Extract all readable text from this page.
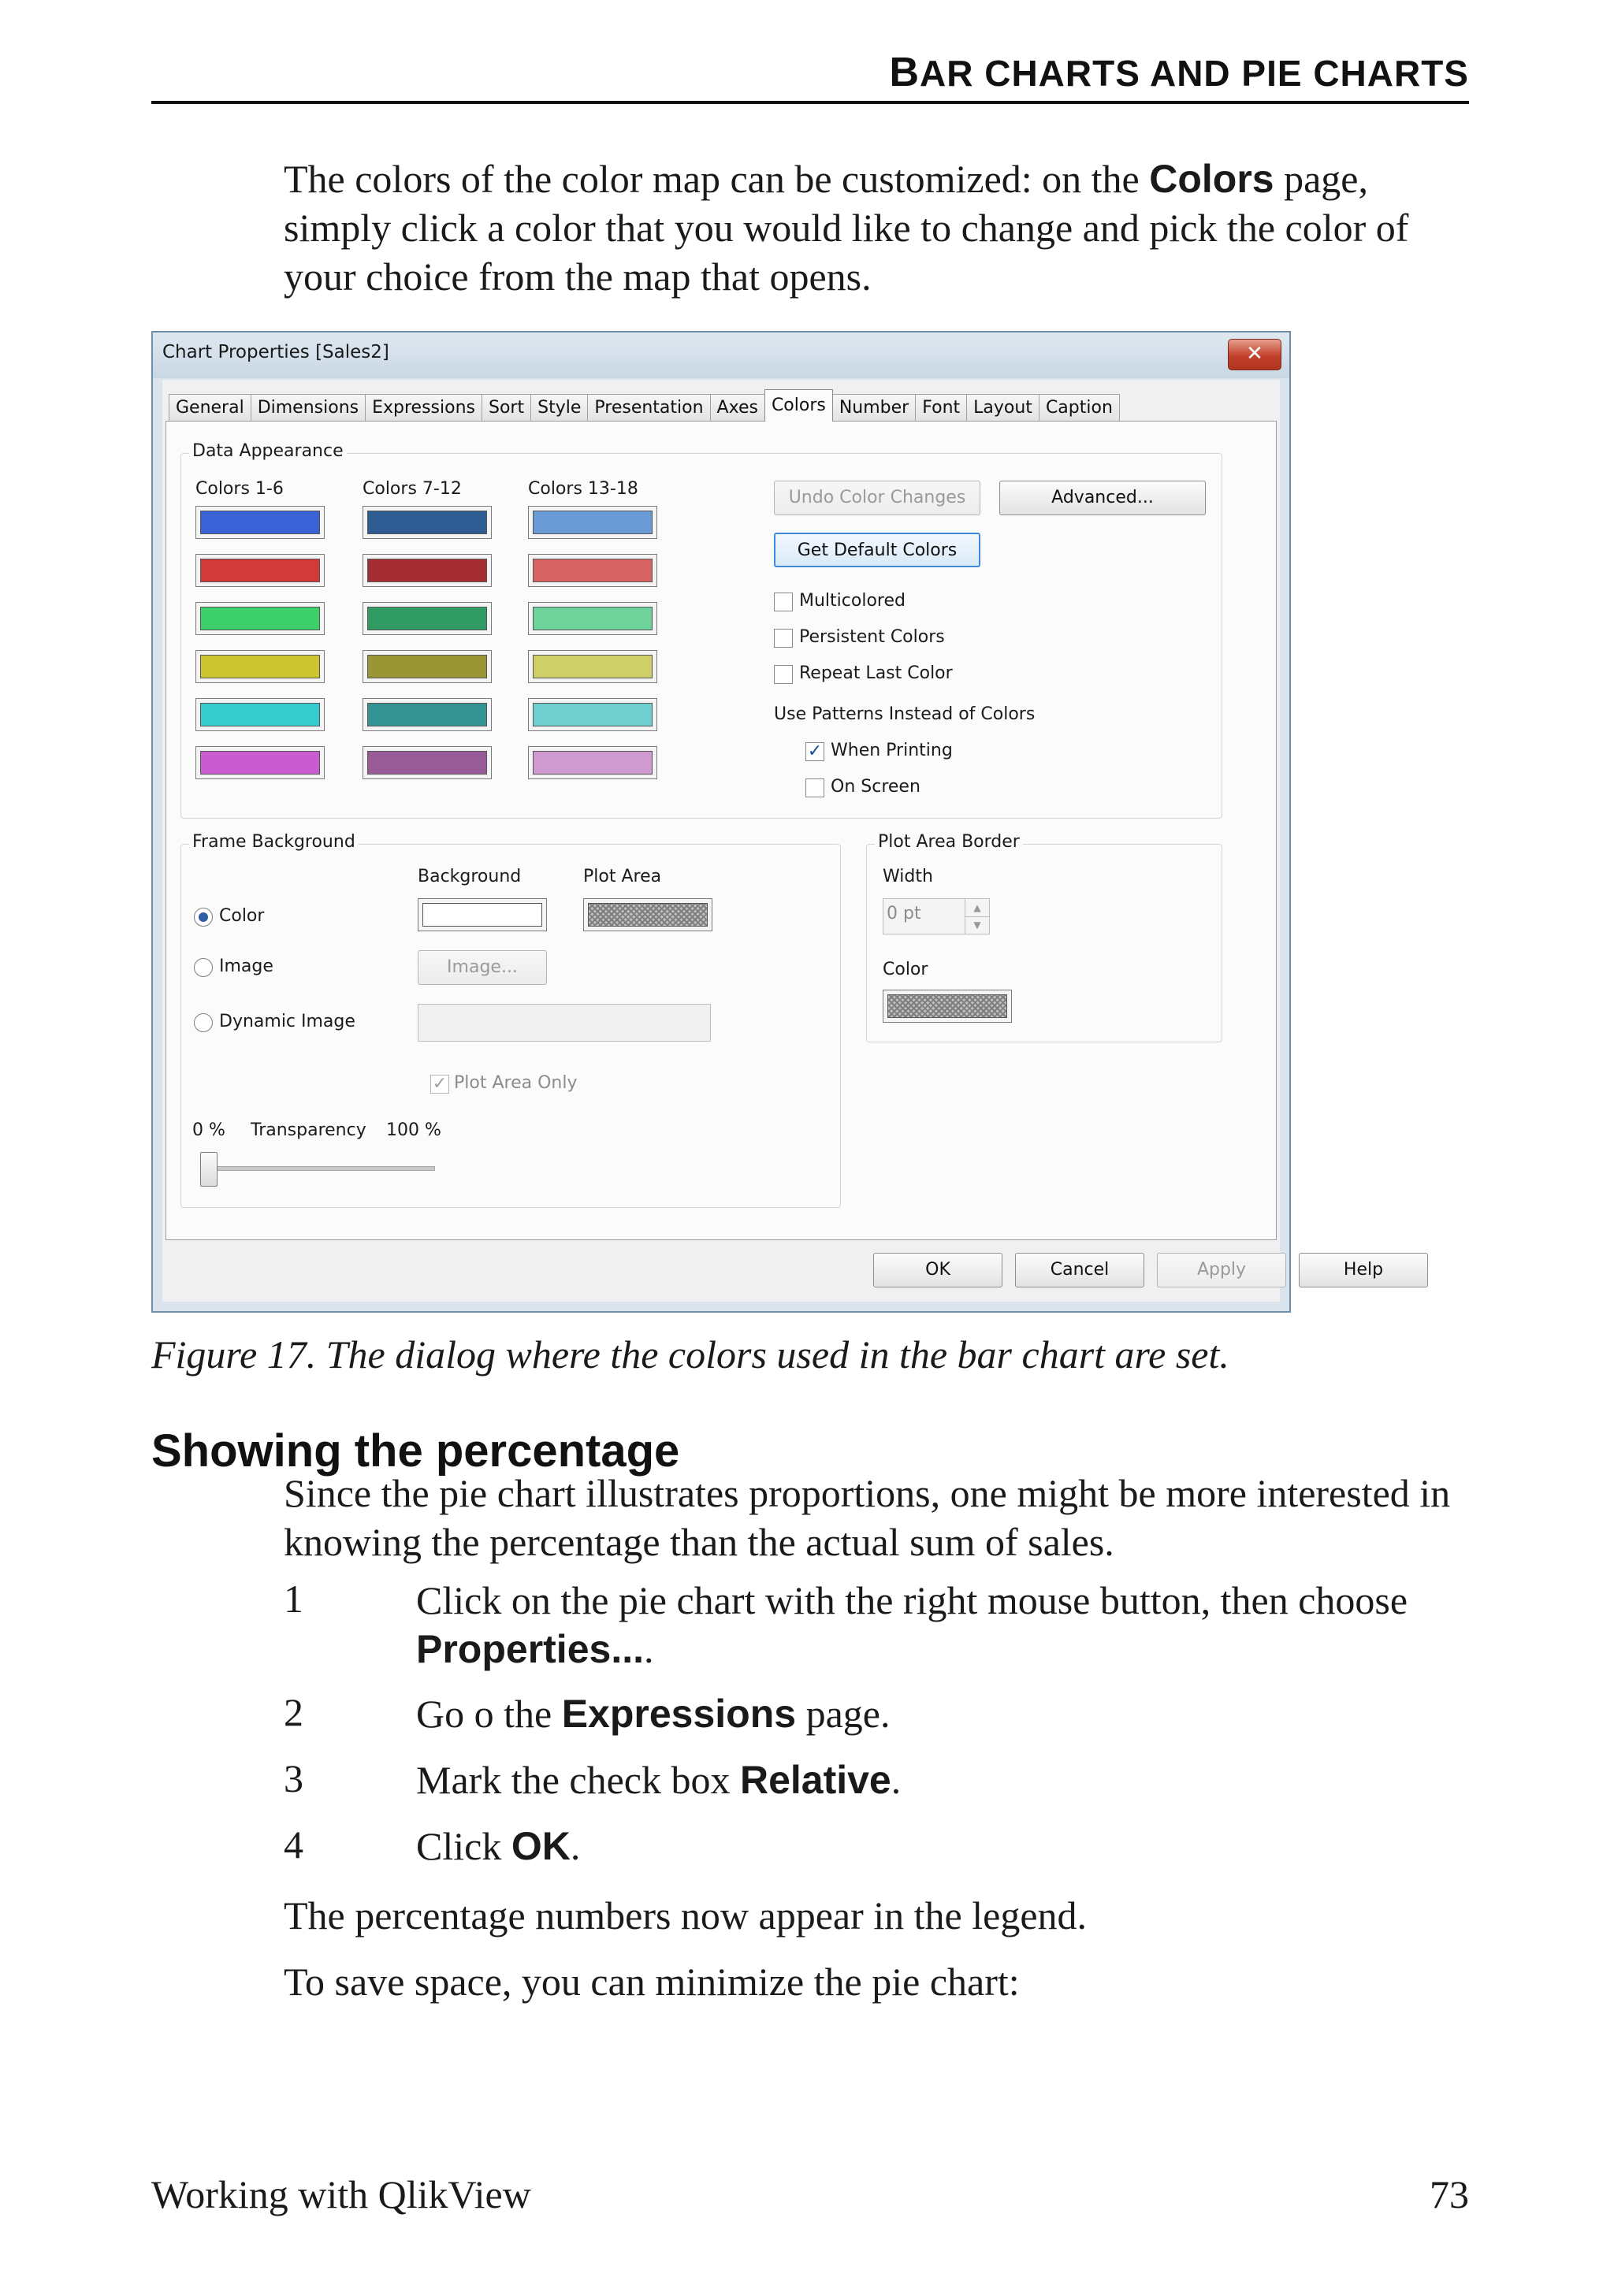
BAR CHARTS AND PIE CHARTS
The colors of the color map can be customized: on the Colors page, simply click a color that you would like to change and pick the color of your choice from the map that opens.
Chart Properties [Sales2]	✕
General Dimensions Expressions Sort Style Presentation Axes Colors Number Font Layout Caption
Data Appearance
Colors 1-6	Colors 7-12	Colors 13-18	Undo Color Changes	Advanced...
Get Default Colors
Multicolored
Persistent Colors
Repeat Last Color
Use Patterns Instead of Colors
✓ When Printing
On Screen
Frame Background
Background	Plot Area
Color
Image	Image...
Dynamic Image
✓ Plot Area Only
0 % Transparency 100 %
Plot Area Border
Width
0 pt	▲
▼
Color
OK	Cancel	Apply	Help
Figure 17. The dialog where the colors used in the bar chart are set.
Showing the percentage
Since the pie chart illustrates proportions, one might be more interested in knowing the percentage than the actual sum of sales.
1	Click on the pie chart with the right mouse button, then choose Properties....
2	Go o the Expressions page.
3	Mark the check box Relative.
4	Click OK.
The percentage numbers now appear in the legend.
To save space, you can minimize the pie chart:
Working with QlikView	73
